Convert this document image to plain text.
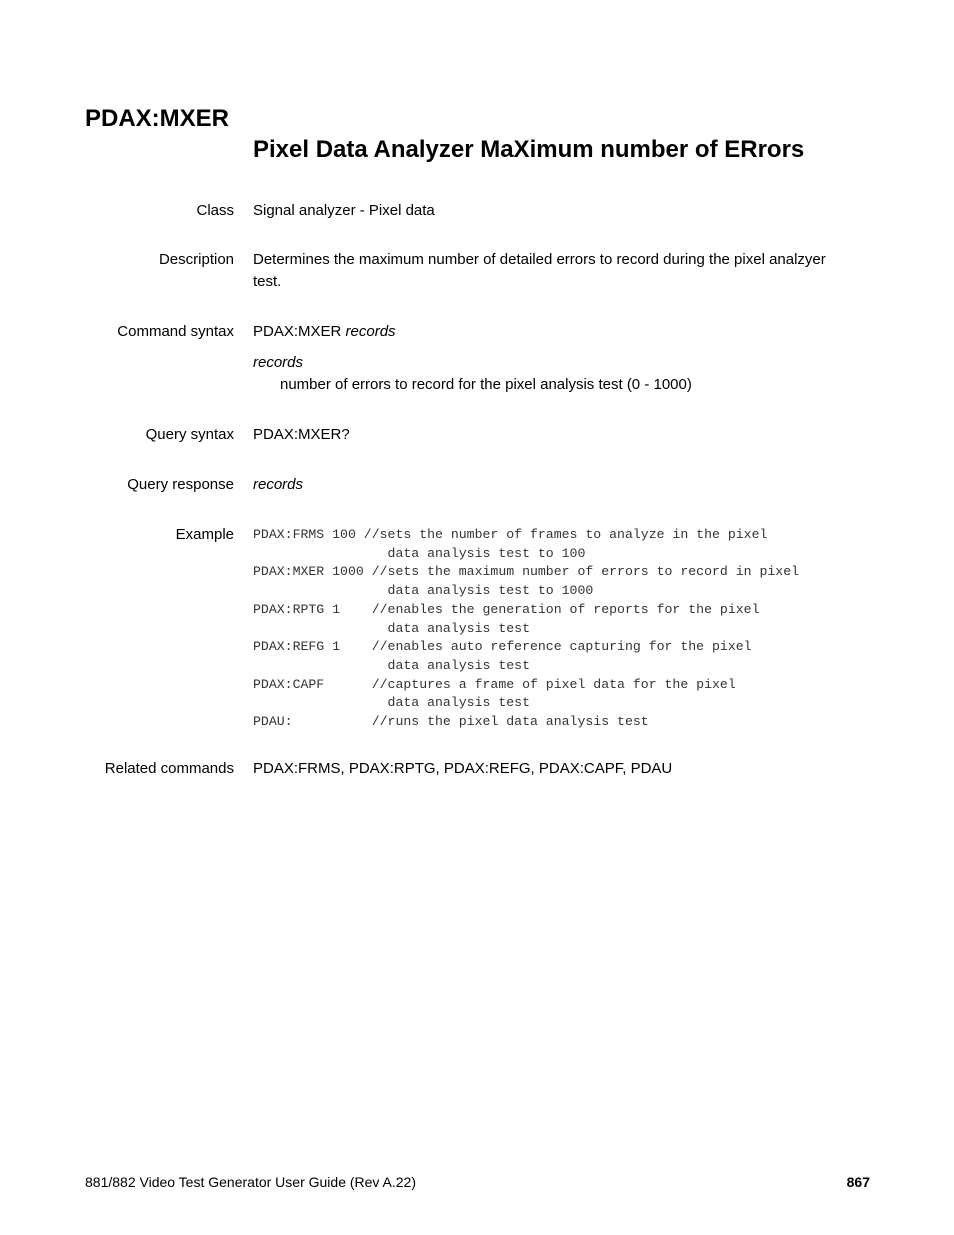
PDAX:MXER
Pixel Data Analyzer MaXimum number of ERrors
Class Signal analyzer - Pixel data
Description Determines the maximum number of detailed errors to record during the pixel analzyer test.
Command syntax PDAX:MXER records

records

number of errors to record for the pixel analysis test (0 - 1000)

Query syntax PDAX:MXER?
Query response records
Example PDAX:FRMS 100 //sets the number of frames to analyze in the pixel
data analysis test to 100
PDAX:MXER 1000 //sets the maximum number of errors to record in pixel
data analysis test to 1000
PDAX:RPTG 1    //enables the generation of reports for the pixel
data analysis test
PDAX:REFG 1    //enables auto reference capturing for the pixel
data analysis test
PDAX:CAPF      //captures a frame of pixel data for the pixel
data analysis test
PDAU:          //runs the pixel data analysis test
Related commands PDAX:FRMS, PDAX:RPTG, PDAX:REFG, PDAX:CAPF, PDAU
881/882 Video Test Generator User Guide (Rev A.22)	867
